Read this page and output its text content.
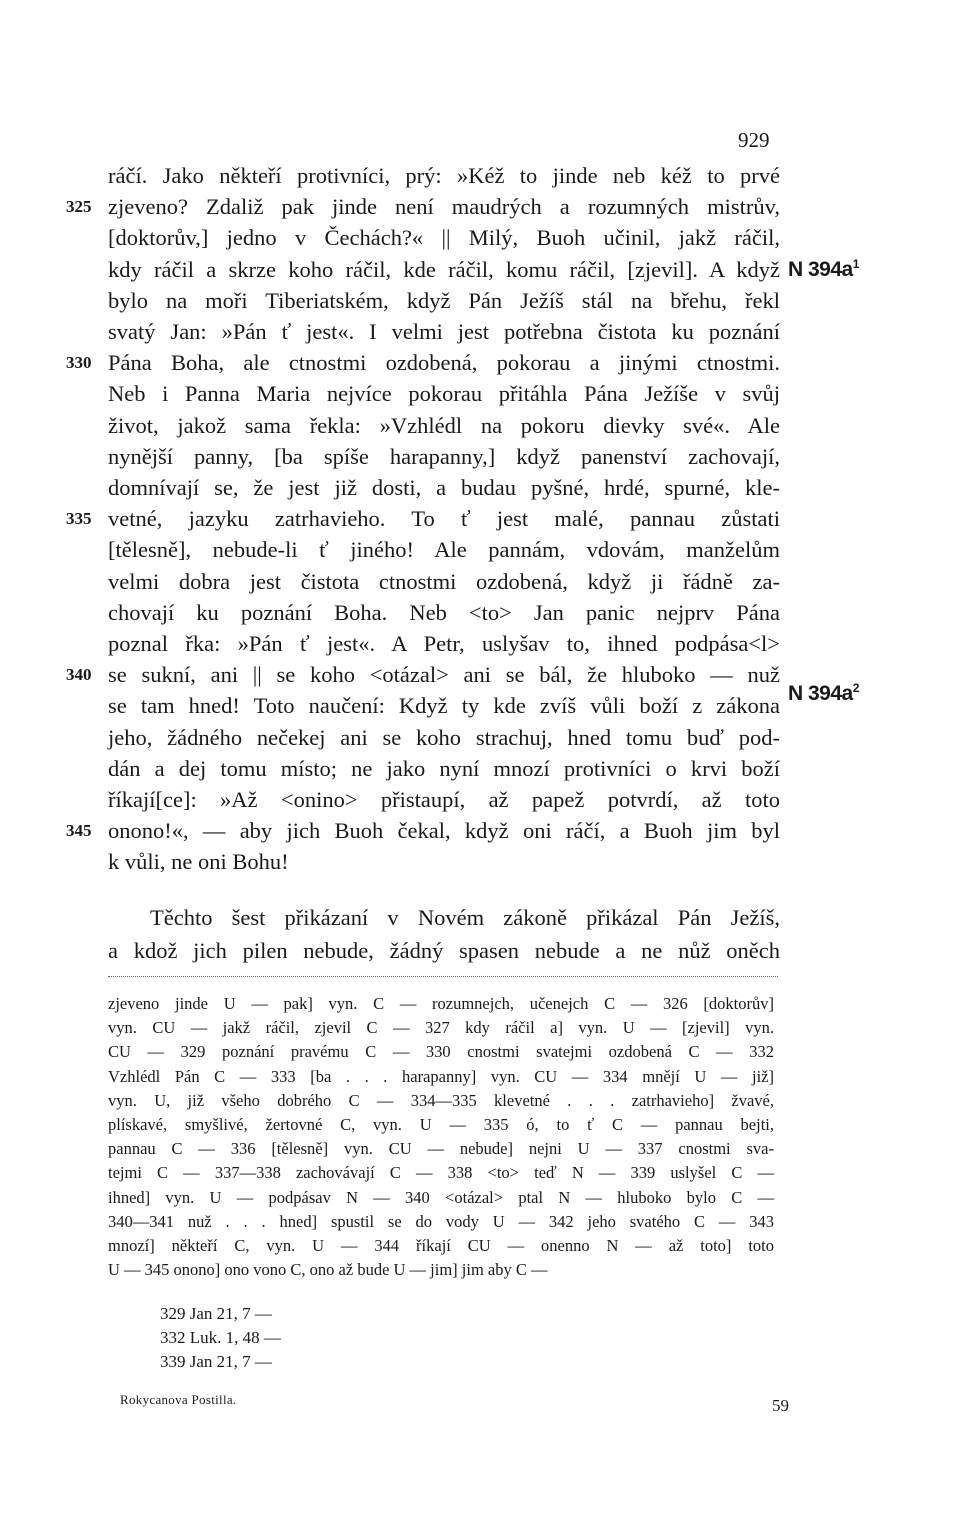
929
ráčí. Jako někteří protivníci, prý: »Kéž to jinde neb kéž to prvé
zjeveno? Zdaliž pak jinde není maudrých a rozumných mistrův,
325
[doktorův,] jedno v Čechách?« || Milý, Buoh učinil, jakž ráčil,
kdy ráčil a skrze koho ráčil, kde ráčil, komu ráčil, [zjevil]. A když
bylo na moři Tiberiatském, když Pán Ježíš stál na břehu, řekl
svatý Jan: »Pán ť jest«. I velmi jest potřebna čistota ku poznání
Pána Boha, ale ctnostmi ozdobená, pokorau a jinými ctnostmi.
330
Neb i Panna Maria nejvíce pokorau přitáhla Pána Ježíše v svůj
život, jakož sama řekla: »Vzhlédl na pokoru dievky své«. Ale
nynější panny, [ba spíše harapanny,] když panenství zachovají,
domnívají se, že jest již dosti, a budau pyšné, hrdé, spurné, kle-
vetné, jazyku zatrhavieho. To ť jest malé, pannau zůstati
335
[tělesně], nebude-li ť jiného! Ale pannám, vdovám, manželům
velmi dobra jest čistota ctnostmi ozdobená, když ji řádně za-
chovají ku poznání Boha. Neb <to> Jan panic nejprv Pána
poznal řka: »Pán ť jest«. A Petr, uslyšav to, ihned podpása<l>
se sukní, ani || se koho <otázal> ani se bál, že hluboko — nuž
340
se tam hned! Toto naučení: Když ty kde zvíš vůli boží z zákona
jeho, žádného nečekej ani se koho strachuj, hned tomu buď pod-
dán a dej tomu místo; ne jako nyní mnozí protivníci o krvi boží
říkají[ce]: »Až <onino> přistaupí, až papež potvrdí, až toto
onono!«, — aby jich Buoh čekal, když oni ráčí, a Buoh jim byl
345
k vůli, ne oni Bohu!
N $394a^1$
N $394a^2$
Těchto šest přikázaní v Novém zákoně přikázal Pán Ježíš,
a kdož jich pilen nebude, žádný spasen nebude a ne nůž oněch
zjeveno jinde U — pak] vyn. C — rozumnejch, učenejch C — 326 [doktorův]
vyn. CU — jakž ráčil, zjevil C — 327 kdy ráčil a] vyn. U — [zjevil] vyn.
CU — 329 poznání pravému C — 330 cnostmi svatejmi ozdobená C — 332
Vzhlédl Pán C — 333 [ba . . . harapanny] vyn. CU — 334 mnějí U — již]
vyn. U, již všeho dobrého C — 334—335 klevetné . . . zatrhavieho] žvavé,
plískavé, smyšlivé, žertovné C, vyn. U — 335 ó, to ť C — pannau bejti,
pannau C — 336 [tělesně] vyn. CU — nebude] nejni U — 337 cnostmi sva-
tejmi C — 337—338 zachovávají C — 338 <to> teď N — 339 uslyšel C —
ihned] vyn. U — podpásav N — 340 <otázal> ptal N — hluboko bylo C —
340—341 nuž . . . hned] spustil se do vody U — 342 jeho svatého C — 343
mnozí] někteří C, vyn. U — 344 říkají CU — onenno N — až toto] toto
U — 345 onono] ono vono C, ono až bude U — jim] jim aby C —
329 Jan 21, 7 —
332 Luk. 1, 48 —
339 Jan 21, 7 —
Rokycanova Postilla.	59
